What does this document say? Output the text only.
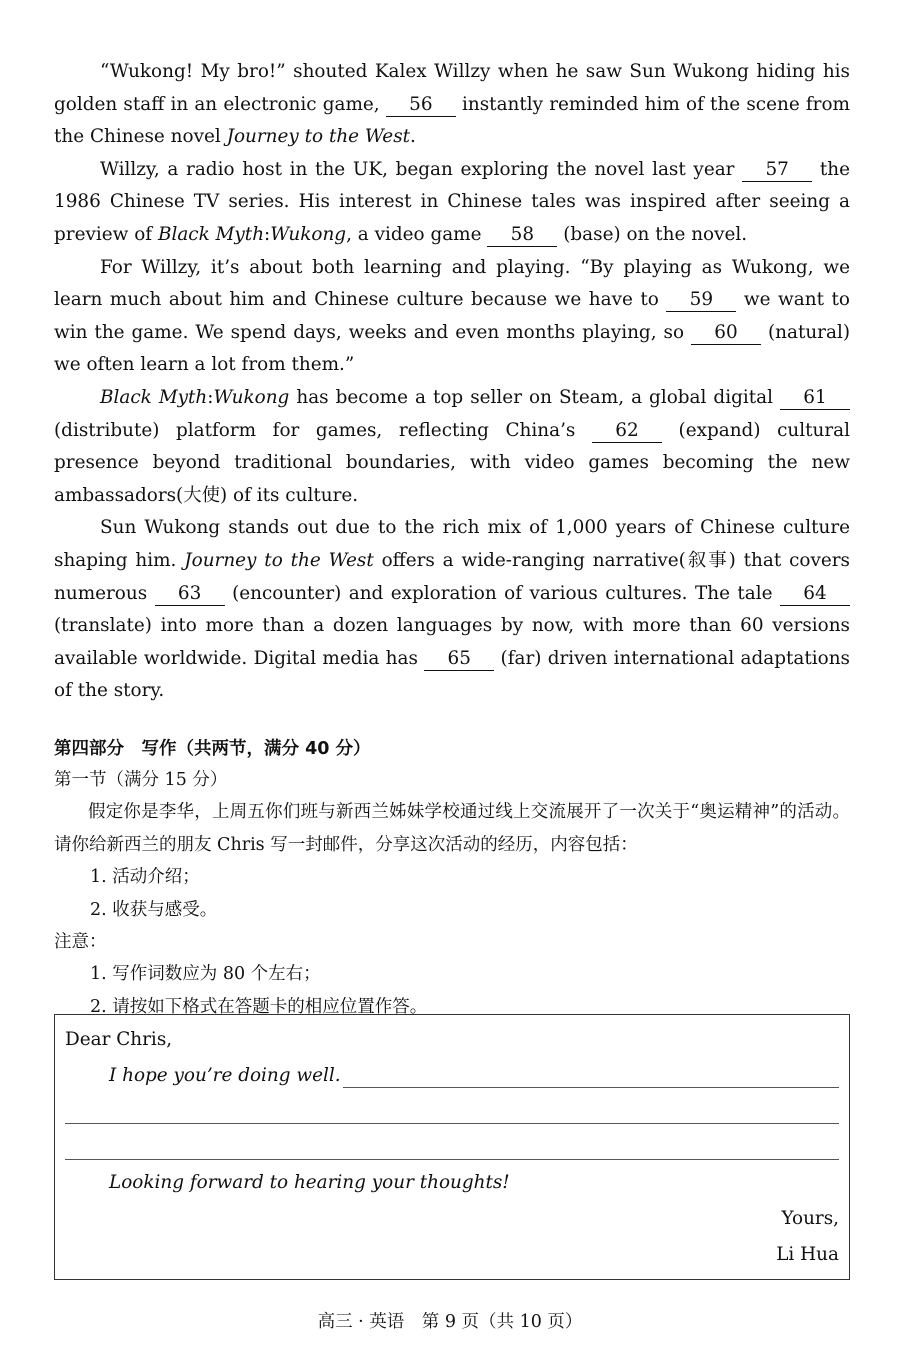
“Wukong! My bro!” shouted Kalex Willzy when he saw Sun Wukong hiding his golden staff in an electronic game, 56 instantly reminded him of the scene from the Chinese novel Journey to the West.

Willzy, a radio host in the UK, began exploring the novel last year 57 the 1986 Chinese TV series. His interest in Chinese tales was inspired after seeing a preview of Black Myth:Wukong, a video game 58 (base) on the novel.

For Willzy, it’s about both learning and playing. “By playing as Wukong, we learn much about him and Chinese culture because we have to 59 we want to win the game. We spend days, weeks and even months playing, so 60 (natural) we often learn a lot from them.”

Black Myth:Wukong has become a top seller on Steam, a global digital 61 (distribute) platform for games, reflecting China’s 62 (expand) cultural presence beyond traditional boundaries, with video games becoming the new ambassadors(大使) of its culture.

Sun Wukong stands out due to the rich mix of 1,000 years of Chinese culture shaping him. Journey to the West offers a wide-ranging narrative(叙事) that covers numerous 63 (encounter) and exploration of various cultures. The tale 64 (translate) into more than a dozen languages by now, with more than 60 versions available worldwide. Digital media has 65 (far) driven international adaptations of the story.

第四部分　写作（共两节，满分 40 分）

第一节（满分 15 分）

假定你是李华，上周五你们班与新西兰姊妹学校通过线上交流展开了一次关于“奥运精神”的活动。请你给新西兰的朋友 Chris 写一封邮件，分享这次活动的经历，内容包括：

1. 活动介绍；

2. 收获与感受。

注意：

1. 写作词数应为 80 个左右；

2. 请按如下格式在答题卡的相应位置作答。

Dear Chris,
I hope you’re doing well.
Looking forward to hearing your thoughts!
Yours,
Li Hua
高三 · 英语　第 9 页（共 10 页）
